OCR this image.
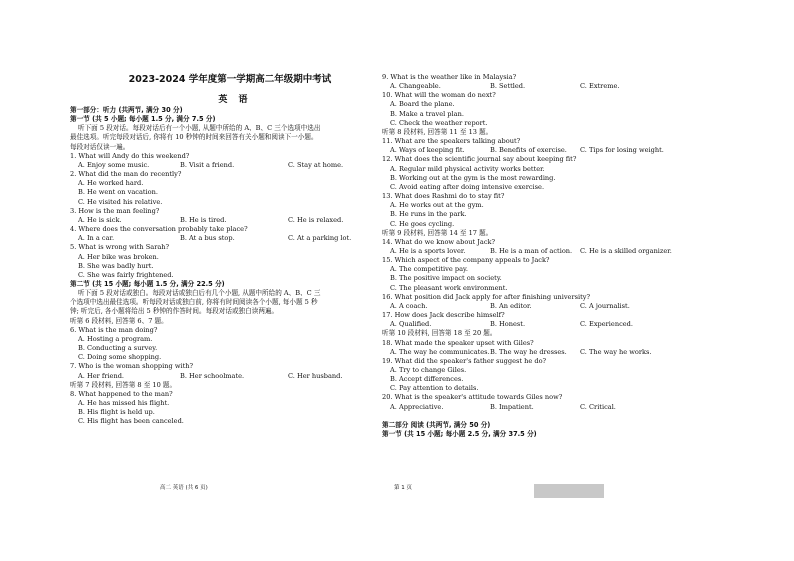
2023-2024 学年度第一学期高二年级期中考试
英 语
第一部分：听力 (共两节, 满分 30 分)
第一节 (共 5 小题; 每小题 1.5 分, 满分 7.5 分)
听下面 5 段对话。每段对话后有一个小题, 从题中所给的 A、B、C 三个选项中选出
最佳选项。听完每段对话后, 你将有 10 秒钟的时间来回答有关小题和阅读下一小题。
每段对话仅读一遍。
1. What will Andy do this weekend?
A. Enjoy some music.	B. Visit a friend.	C. Stay at home.
2. What did the man do recently?
A. He worked hard.
B. He went on vacation.
C. He visited his relative.
3. How is the man feeling?
A. He is sick.	B. He is tired.	C. He is relaxed.
4. Where does the conversation probably take place?
A. In a car.	B. At a bus stop.	C. At a parking lot.
5. What is wrong with Sarah?
A. Her bike was broken.
B. She was badly hurt.
C. She was fairly frightened.
第二节 (共 15 小题; 每小题 1.5 分, 满分 22.5 分)
听下面 5 段对话或独白。每段对话或独白后有几个小题, 从题中所给的 A、B、C 三
个选项中选出最佳选项。听每段对话或独白前, 你将有时间阅读各个小题, 每小题 5 秒
钟; 听完后, 各小题将给出 5 秒钟的作答时间。每段对话或独白读两遍。
听第 6 段材料, 回答第 6、7 题。
6. What is the man doing?
A. Hosting a program.
B. Conducting a survey.
C. Doing some shopping.
7. Who is the woman shopping with?
A. Her friend.	B. Her schoolmate.	C. Her husband.
听第 7 段材料, 回答第 8 至 10 题。
8. What happened to the man?
A. He has missed his flight.
B. His flight is held up.
C. His flight has been canceled.
9. What is the weather like in Malaysia?
A. Changeable.	B. Settled.	C. Extreme.
10. What will the woman do next?
A. Board the plane.
B. Make a travel plan.
C. Check the weather report.
听第 8 段材料, 回答第 11 至 13 题。
11. What are the speakers talking about?
A. Ways of keeping fit.	B. Benefits of exercise.	C. Tips for losing weight.
12. What does the scientific journal say about keeping fit?
A. Regular mild physical activity works better.
B. Working out at the gym is the most rewarding.
C. Avoid eating after doing intensive exercise.
13. What does Rashmi do to stay fit?
A. He works out at the gym.
B. He runs in the park.
C. He goes cycling.
听第 9 段材料, 回答第 14 至 17 题。
14. What do we know about Jack?
A. He is a sports lover.	B. He is a man of action.	C. He is a skilled organizer.
15. Which aspect of the company appeals to Jack?
A. The competitive pay.
B. The positive impact on society.
C. The pleasant work environment.
16. What position did Jack apply for after finishing university?
A. A coach.	B. An editor.	C. A journalist.
17. How does Jack describe himself?
A. Qualified.	B. Honest.	C. Experienced.
听第 10 段材料, 回答第 18 至 20 题。
18. What made the speaker upset with Giles?
A. The way he communicates. B. The way he dresses.	C. The way he works.
19. What did the speaker's father suggest he do?
A. Try to change Giles.
B. Accept differences.
C. Pay attention to details.
20. What is the speaker's attitude towards Giles now?
A. Appreciative.	B. Impatient.	C. Critical.
第二部分 阅读 (共两节, 满分 50 分)
第一节 (共 15 小题; 每小题 2.5 分, 满分 37.5 分)
高二 英语 (共 6 页)	第 1 页
